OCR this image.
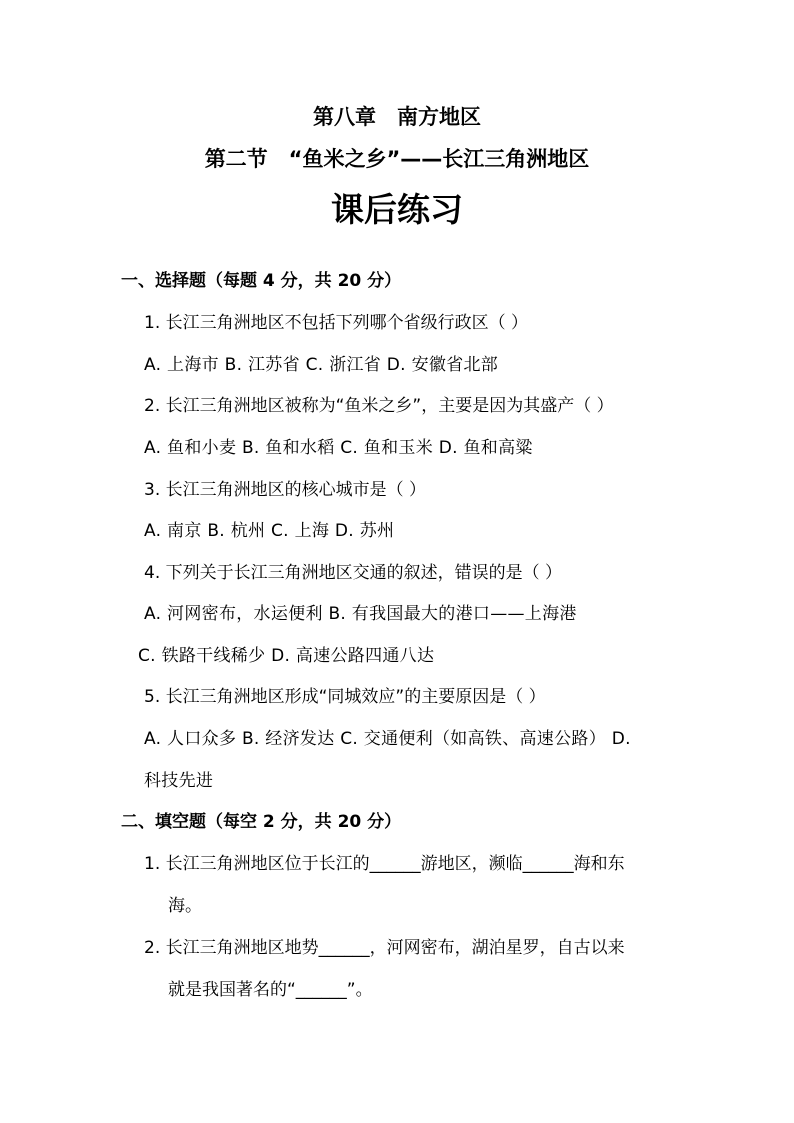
第八章　南方地区
第二节　“鱼米之乡”——长江三角洲地区
课后练习
一、选择题（每题 4 分，共 20 分）
1. 长江三角洲地区不包括下列哪个省级行政区（ ）
A. 上海市 B. 江苏省 C. 浙江省 D. 安徽省北部
2. 长江三角洲地区被称为“鱼米之乡”，主要是因为其盛产（ ）
A. 鱼和小麦 B. 鱼和水稻 C. 鱼和玉米 D. 鱼和高粱
3. 长江三角洲地区的核心城市是（ ）
A. 南京 B. 杭州 C. 上海 D. 苏州
4. 下列关于长江三角洲地区交通的叙述，错误的是（ ）
A. 河网密布，水运便利 B. 有我国最大的港口——上海港
C. 铁路干线稀少 D. 高速公路四通八达
5. 长江三角洲地区形成“同城效应”的主要原因是（ ）
A. 人口众多 B. 经济发达 C. 交通便利（如高铁、高速公路） D.
科技先进
二、填空题（每空 2 分，共 20 分）
1. 长江三角洲地区位于长江的______游地区，濒临______海和东
海。
2. 长江三角洲地区地势______，河网密布，湖泊星罗，自古以来
就是我国著名的“______”。
